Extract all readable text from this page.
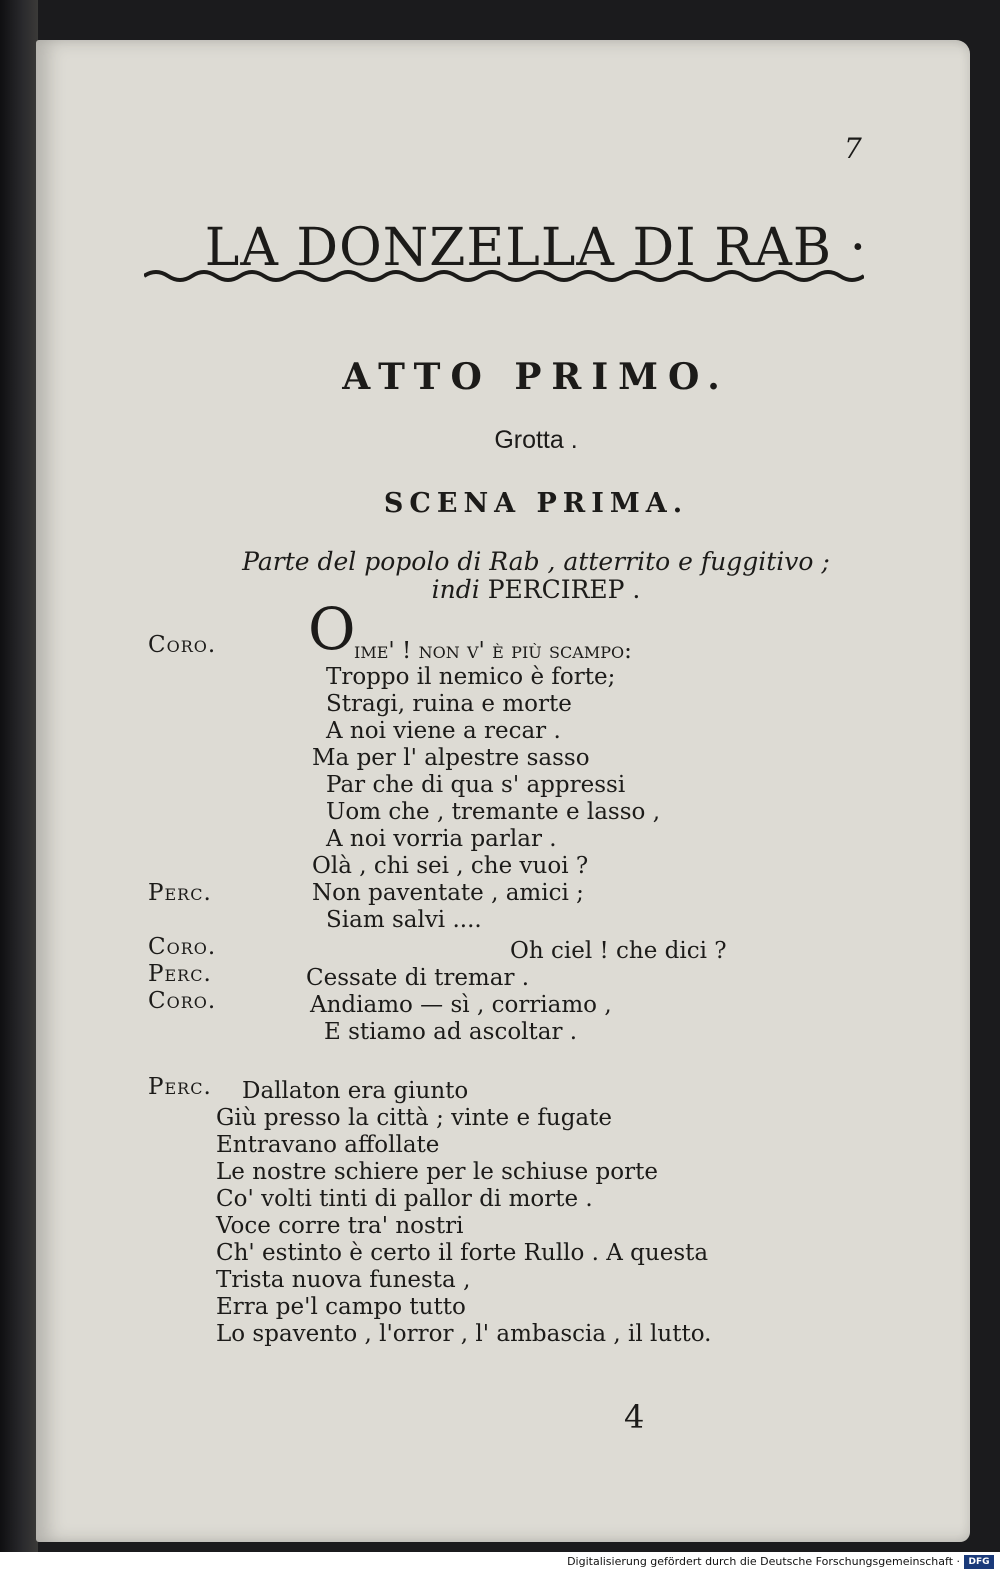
7
LA DONZELLA DI RAB ·
ATTO PRIMO.
Grotta .
SCENA PRIMA.
Parte del popolo di Rab , atterrito e fuggitivo ;
indi PERCIREP .
Coro. O
ime' ! non v' è più scampo:
Troppo il nemico è forte;
Stragi, ruina e morte
A noi viene a recar .
Ma per l' alpestre sasso
Par che di qua s' appressi
Uom che , tremante e lasso ,
A noi vorria parlar .
Olà , chi sei , che vuoi ?
Perc.	Non paventate , amici ;
Siam salvi ....
Coro.	Oh ciel ! che dici ?
Perc.	Cessate di tremar .
Coro.	Andiamo — sì , corriamo ,
E stiamo ad ascoltar .
Perc. Dallaton era giunto
Giù presso la città ; vinte e fugate
Entravano affollate
Le nostre schiere per le schiuse porte
Co' volti tinti di pallor di morte .
Voce corre tra' nostri
Ch' estinto è certo il forte Rullo . A questa
Trista nuova funesta ,
Erra pe'l campo tutto
Lo spavento , l'orror , l' ambascia , il lutto.
4
Digitalisierung gefördert durch die Deutsche Forschungsgemeinschaft · DFG
